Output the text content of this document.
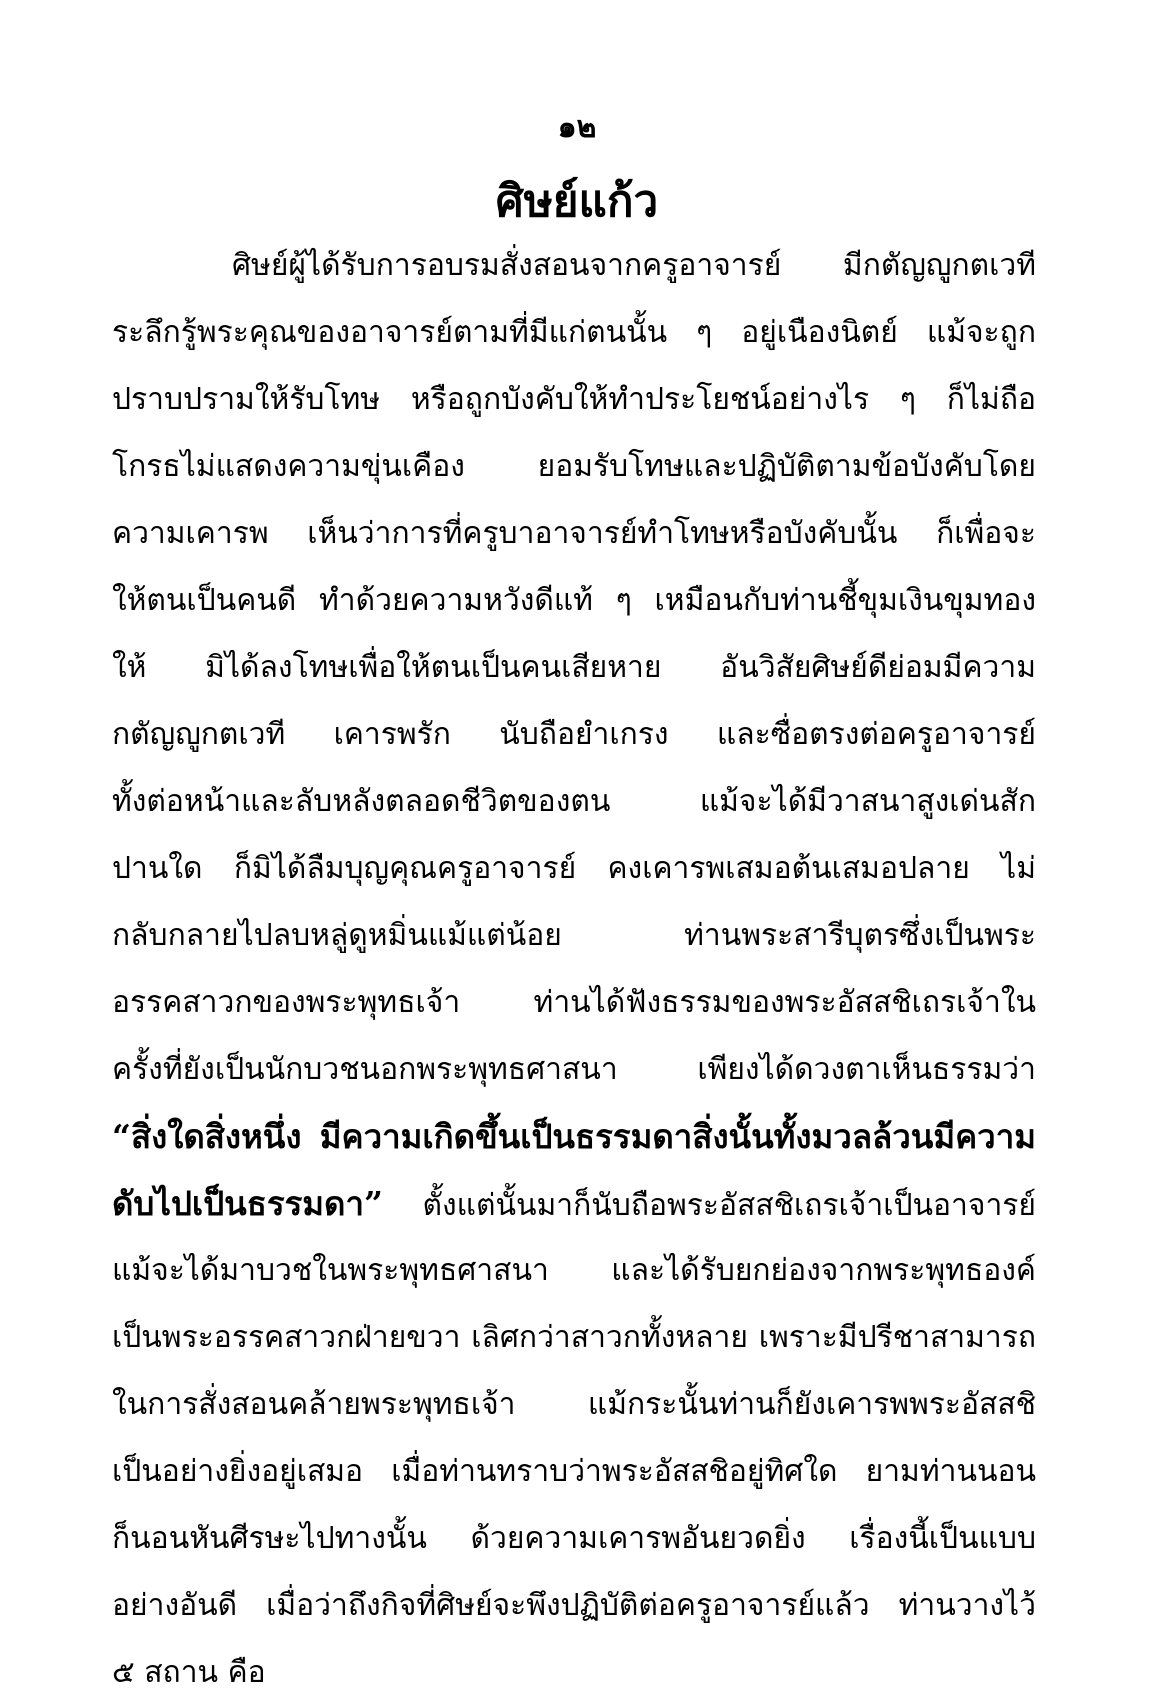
๑๒
ศิษย์แก้ว
ศิษย์ผู้ได้รับการอบรมสั่งสอนจากครูอาจารย์ มีกตัญญูกตเวที
ระลึกรู้พระคุณของอาจารย์ตามที่มีแก่ตนนั้น ๆ อยู่เนืองนิตย์ แม้จะถูก
ปราบปรามให้รับโทษ หรือถูกบังคับให้ทำประโยชน์อย่างไร ๆ ก็ไม่ถือ
โกรธไม่แสดงความขุ่นเคือง ยอมรับโทษและปฏิบัติตามข้อบังคับโดย
ความเคารพ เห็นว่าการที่ครูบาอาจารย์ทำโทษหรือบังคับนั้น ก็เพื่อจะ
ให้ตนเป็นคนดี ทำด้วยความหวังดีแท้ ๆ เหมือนกับท่านชี้ขุมเงินขุมทอง
ให้ มิได้ลงโทษเพื่อให้ตนเป็นคนเสียหาย อันวิสัยศิษย์ดีย่อมมีความ
กตัญญูกตเวที เคารพรัก นับถือยำเกรง และซื่อตรงต่อครูอาจารย์
ทั้งต่อหน้าและลับหลังตลอดชีวิตของตน แม้จะได้มีวาสนาสูงเด่นสัก
ปานใด ก็มิได้ลืมบุญคุณครูอาจารย์ คงเคารพเสมอต้นเสมอปลาย ไม่
กลับกลายไปลบหลู่ดูหมิ่นแม้แต่น้อย ท่านพระสารีบุตรซึ่งเป็นพระ
อรรคสาวกของพระพุทธเจ้า ท่านได้ฟังธรรมของพระอัสสชิเถรเจ้าใน
ครั้งที่ยังเป็นนักบวชนอกพระพุทธศาสนา เพียงได้ดวงตาเห็นธรรมว่า
“สิ่งใดสิ่งหนึ่ง มีความเกิดขึ้นเป็นธรรมดาสิ่งนั้นทั้งมวลล้วนมีความ
ดับไปเป็นธรรมดา” ตั้งแต่นั้นมาก็นับถือพระอัสสชิเถรเจ้าเป็นอาจารย์
แม้จะได้มาบวชในพระพุทธศาสนา และได้รับยกย่องจากพระพุทธองค์
เป็นพระอรรคสาวกฝ่ายขวา เลิศกว่าสาวกทั้งหลาย เพราะมีปรีชาสามารถ
ในการสั่งสอนคล้ายพระพุทธเจ้า แม้กระนั้นท่านก็ยังเคารพพระอัสสชิ
เป็นอย่างยิ่งอยู่เสมอ เมื่อท่านทราบว่าพระอัสสชิอยู่ทิศใด ยามท่านนอน
ก็นอนหันศีรษะไปทางนั้น ด้วยความเคารพอันยวดยิ่ง เรื่องนี้เป็นแบบ
อย่างอันดี เมื่อว่าถึงกิจที่ศิษย์จะพึงปฏิบัติต่อครูอาจารย์แล้ว ท่านวางไว้
๕ สถาน คือ
